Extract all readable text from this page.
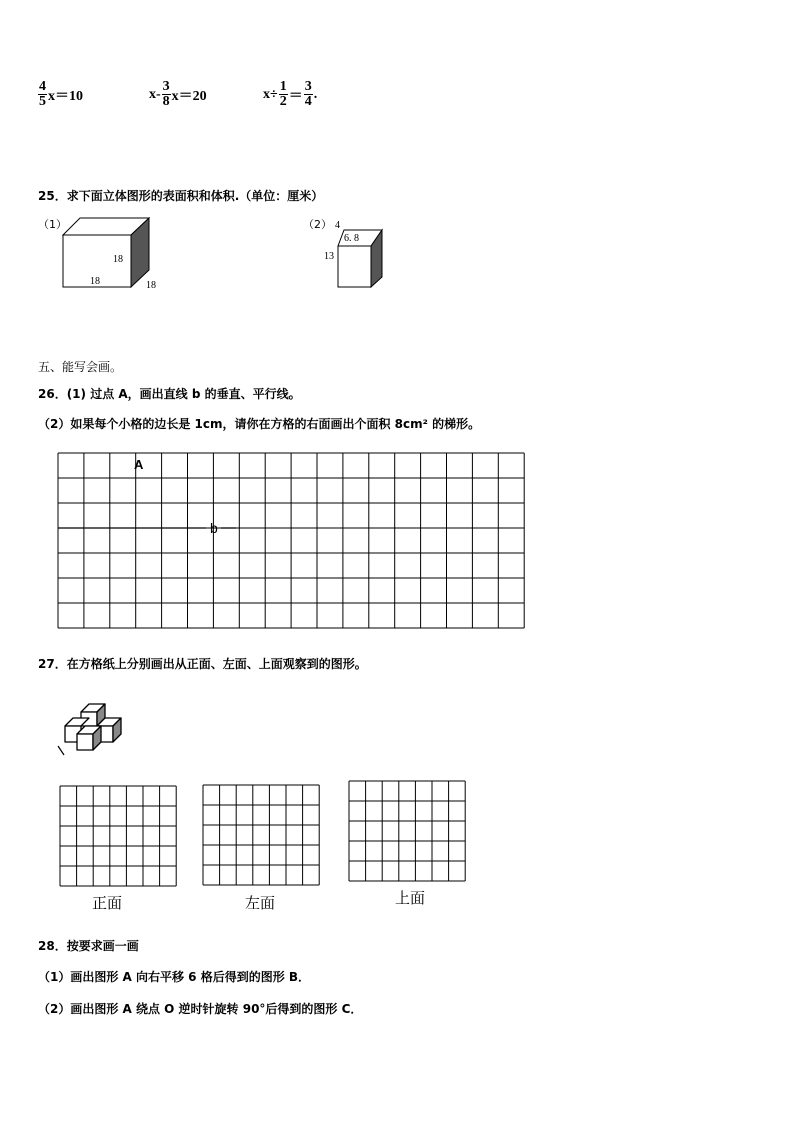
$\frac{4}{5} x=10$	$x- \frac{3}{8} x=20$	$x\div \frac{1}{2} = \frac{3}{4}$ .
25．求下面立体图形的表面积和体积.（单位：厘米）
（1）
18
18	18
（2） 4
6. 8
13
五、能写会画。
26．(1) 过点 A，画出直线 b 的垂直、平行线。
（2）如果每个小格的边长是 1cm，请你在方格的右面画出个面积 8cm² 的梯形。
A
b
27．在方格纸上分别画出从正面、左面、上面观察到的图形。
正面	左面	上面
28．按要求画一画
（1）画出图形 A 向右平移 6 格后得到的图形 B．
（2）画出图形 A 绕点 O 逆时针旋转 90°后得到的图形 C．
